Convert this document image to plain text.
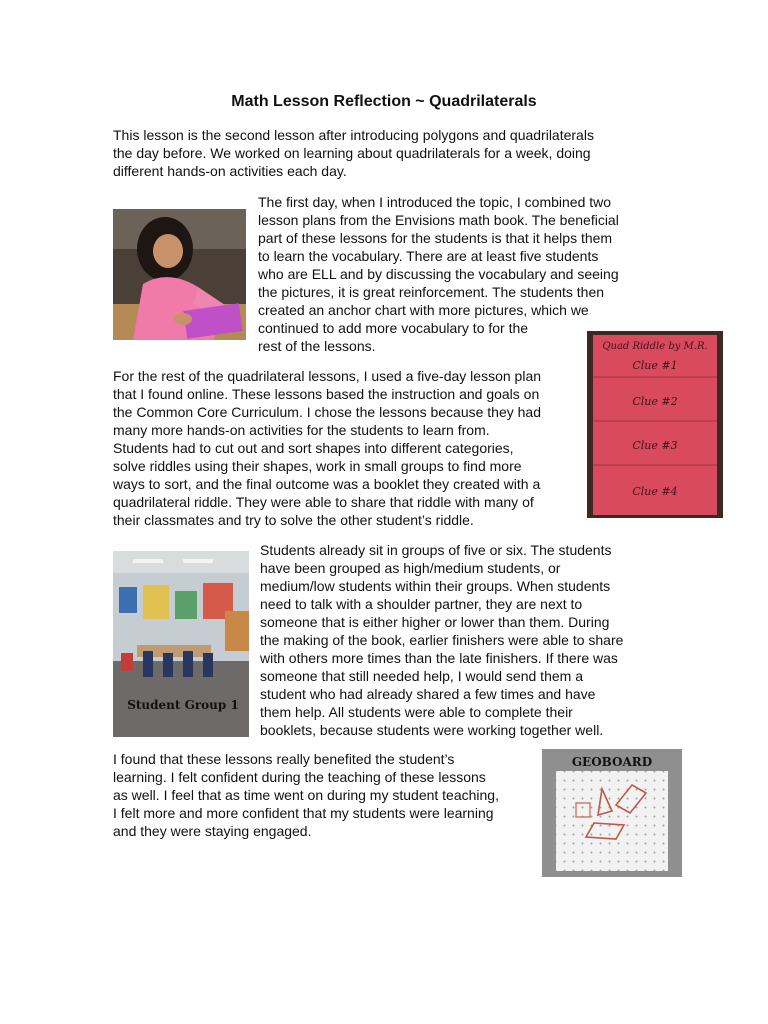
Math Lesson Reflection ~ Quadrilaterals
This lesson is the second lesson after introducing polygons and quadrilaterals
the day before. We worked on learning about quadrilaterals for a week, doing
different hands-on activities each day.
The first day, when I introduced the topic, I combined two
lesson plans from the Envisions math book. The beneficial
part of these lessons for the students is that it helps them
to learn the vocabulary. There are at least five students
who are ELL and by discussing the vocabulary and seeing
the pictures, it is great reinforcement. The students then
created an anchor chart with more pictures, which we
continued to add more vocabulary to for the
rest of the lessons.	Quad Riddle by M.R.
Clue #1
Clue #2
Clue #3
Clue #4
For the rest of the quadrilateral lessons, I used a five-day lesson plan
that I found online. These lessons based the instruction and goals on
the Common Core Curriculum. I chose the lessons because they had
many more hands-on activities for the students to learn from.
Students had to cut out and sort shapes into different categories,
solve riddles using their shapes, work in small groups to find more
ways to sort, and the final outcome was a booklet they created with a
quadrilateral riddle. They were able to share that riddle with many of
their classmates and try to solve the other student’s riddle.
Student Group 1
Students already sit in groups of five or six. The students
have been grouped as high/medium students, or
medium/low students within their groups. When students
need to talk with a shoulder partner, they are next to
someone that is either higher or lower than them. During
the making of the book, earlier finishers were able to share
with others more times than the late finishers. If there was
someone that still needed help, I would send them a
student who had already shared a few times and have
them help. All students were able to complete their
booklets, because students were working together well.
I found that these lessons really benefited the student’s
learning. I felt confident during the teaching of these lessons
as well. I feel that as time went on during my student teaching,
I felt more and more confident that my students were learning
and they were staying engaged.
GEOBOARD
